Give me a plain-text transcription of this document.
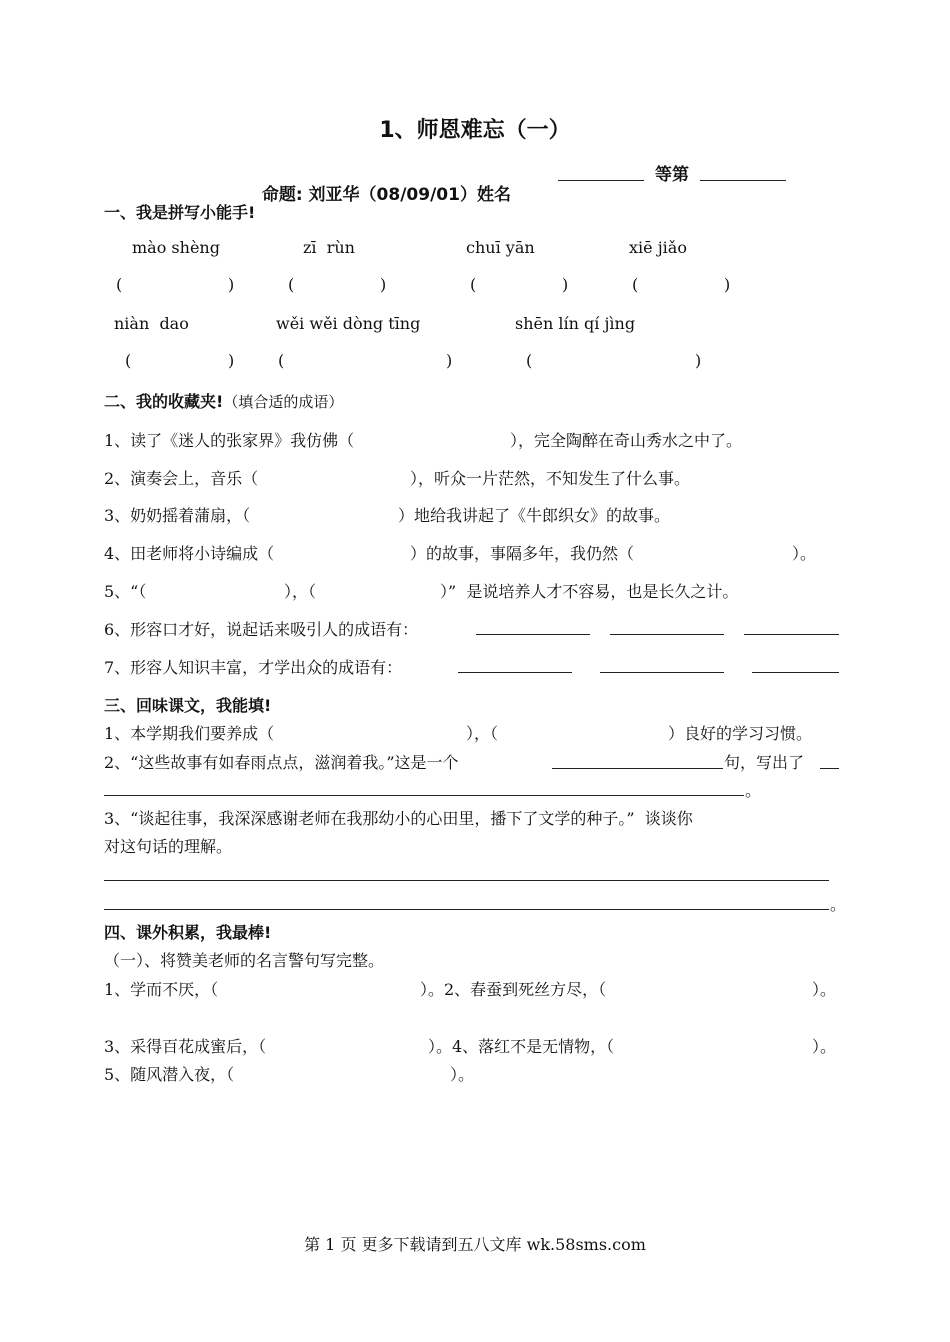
1、师恩难忘（一）

命题: 刘亚华（08/09/01）姓名

等第
一、我是拼写小能手!
mào shèng	zī  rùn	chuī yān	xiē jiǎo
(	)	(	)	(	)	(	)
niàn  dao	wěi wěi dòng tīng	shēn lín qí jìng
(	)	(	)	(	)
二、我的收藏夹!（填合适的成语）
1、读了《迷人的张家界》我仿佛（	），完全陶醉在奇山秀水之中了。
2、演奏会上，音乐（	），听众一片茫然，不知发生了什么事。
3、奶奶摇着蒲扇，（	）地给我讲起了《牛郎织女》的故事。
4、田老师将小诗编成（	）的故事，事隔多年，我仍然（	）。
5、“（	），（	）”  是说培养人才不容易，也是长久之计。
6、形容口才好，说起话来吸引人的成语有：
7、形容人知识丰富，才学出众的成语有：
三、回味课文，我能填!
1、本学期我们要养成（	），（	）良好的学习习惯。
2、“这些故事有如春雨点点，滋润着我。”这是一个	句，写出了
。
3、“谈起往事，我深深感谢老师在我那幼小的心田里，播下了文学的种子。”  谈谈你
对这句话的理解。
。
四、课外积累，我最棒!
（一）、将赞美老师的名言警句写完整。
1、学而不厌，（	）。2、春蚕到死丝方尽，（	）。
3、采得百花成蜜后，（	）。4、落红不是无情物，（	）。
5、随风潜入夜，（	）。
第 1 页 更多下载请到五八文库 wk.58sms.com
